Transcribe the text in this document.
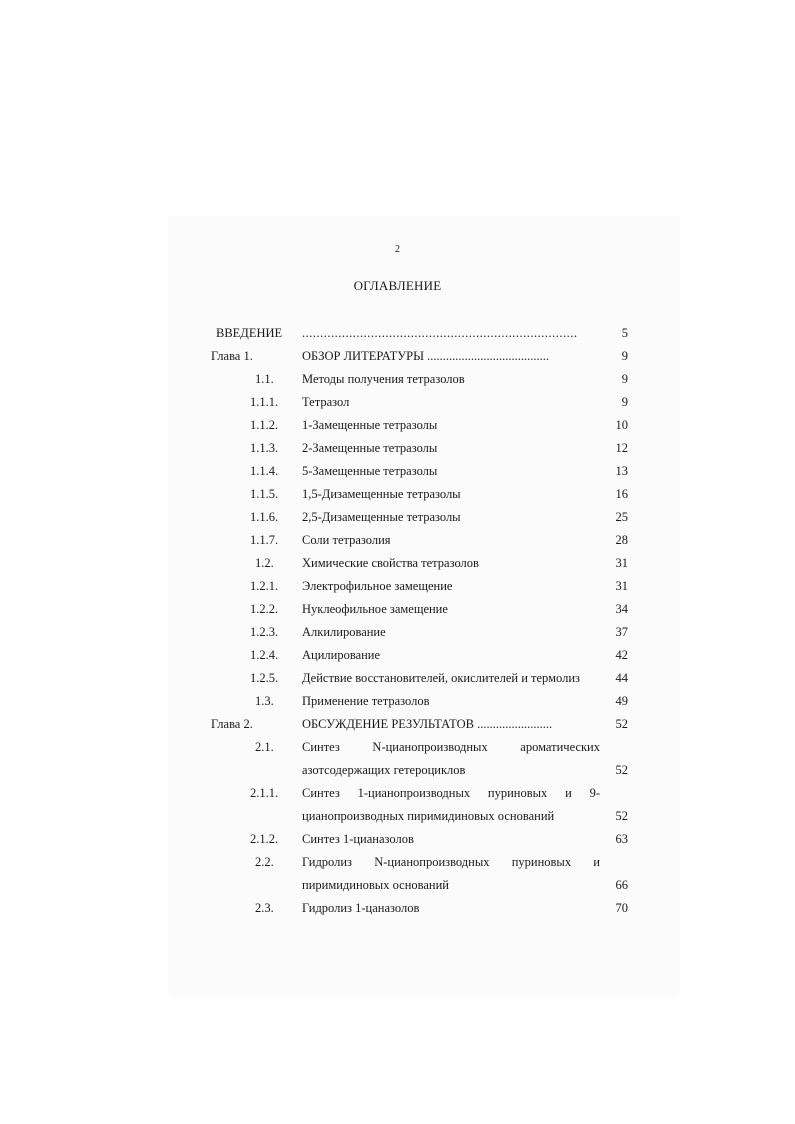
2
ОГЛАВЛЕНИЕ
ВВЕДЕНИЕ ............................................................................	5
Глава 1.	ОБЗОР ЛИТЕРАТУРЫ .......................................	9
1.1. Методы получения тетразолов	9
1.1.1. Тетразол	9
1.1.2. 1-Замещенные тетразолы	10
1.1.3. 2-Замещенные тетразолы	12
1.1.4. 5-Замещенные тетразолы	13
1.1.5. 1,5-Дизамещенные тетразолы	16
1.1.6. 2,5-Дизамещенные тетразолы	25
1.1.7. Соли тетразолия	28
1.2. Химические свойства тетразолов	31
1.2.1. Электрофильное замещение	31
1.2.2. Нуклеофильное замещение	34
1.2.3. Алкилирование	37
1.2.4. Ацилирование	42
1.2.5. Действие восстановителей, окислителей и термолиз	44
1.3. Применение тетразолов	49
Глава 2.	ОБСУЖДЕНИЕ РЕЗУЛЬТАТОВ ........................	52
2.1. Синтез N-цианопроизводных ароматических
азотсодержащих гетероциклов	52
2.1.1. Синтез 1-цианопроизводных пуриновых и 9-
цианопроизводных пиримидиновых оснований	52
2.1.2. Синтез 1-цианазолов	63
2.2. Гидролиз N-цианопроизводных пуриновых и
пиримидиновых оснований	66
2.3. Гидролиз 1-цаназолов	70
